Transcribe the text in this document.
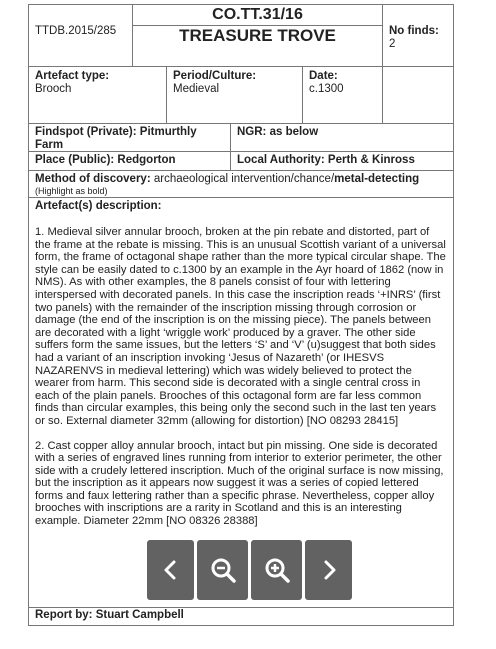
TTDB.2015/285
CO.TT.31/16
TREASURE TROVE	No finds:
2
Artefact type:
Brooch
Period/Culture:
Medieval
Date:
c.1300
Findspot (Private): Pitmurthly Farm
NGR: as below
Place (Public): Redgorton	Local Authority: Perth & Kinross
Method of discovery: archaeological intervention/chance/metal-detecting
(Highlight as bold)
Artefact(s) description:

1. Medieval silver annular brooch, broken at the pin rebate and distorted, part of the frame at the rebate is missing. This is an unusual Scottish variant of a universal form, the frame of octagonal shape rather than the more typical circular shape. The style can be easily dated to c.1300 by an example in the Ayr hoard of 1862 (now in NMS). As with other examples, the 8 panels consist of four with lettering interspersed with decorated panels. In this case the inscription reads ‘+INRS’ (first two panels) with the remainder of the inscription missing through corrosion or damage (the end of the inscription is on the missing piece). The panels between are decorated with a light ‘wriggle work’ produced by a graver. The other side suffers form the same issues, but the letters ‘S’ and ‘V’ (u)suggest that both sides had a variant of an inscription invoking ‘Jesus of Nazareth’ (or IHESVS NAZARENVS in medieval lettering) which was widely believed to protect the wearer from harm. This second side is decorated with a single central cross in each of the plain panels. Brooches of this octagonal form are far less common finds than circular examples, this being only the second such in the last ten years or so. External diameter 32mm (allowing for distortion) [NO 08293 28415]

2. Cast copper alloy annular brooch, intact but pin missing. One side is decorated with a series of engraved lines running from interior to exterior perimeter, the other side with a crudely lettered inscription. Much of the original surface is now missing, but the inscription as it appears now suggest it was a series of copied lettered forms and faux lettering rather than a specific phrase. Nevertheless, copper alloy brooches with inscriptions are a rarity in Scotland and this is an interesting example. Diameter 22mm [NO 08326 28388]

Report by: Stuart Campbell
